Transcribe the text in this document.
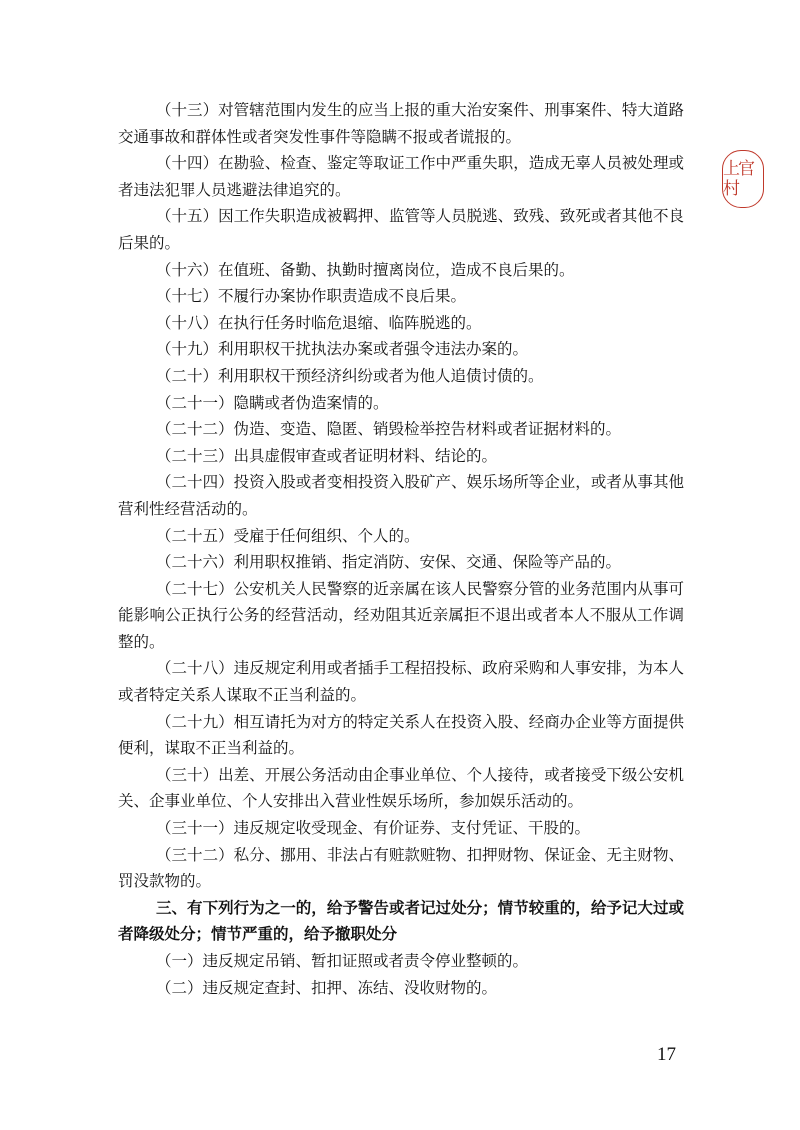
上官村

（十三）对管辖范围内发生的应当上报的重大治安案件、刑事案件、特大道路交通事故和群体性或者突发性事件等隐瞒不报或者谎报的。

（十四）在勘验、检查、鉴定等取证工作中严重失职，造成无辜人员被处理或者违法犯罪人员逃避法律追究的。

（十五）因工作失职造成被羁押、监管等人员脱逃、致残、致死或者其他不良后果的。

（十六）在值班、备勤、执勤时擅离岗位，造成不良后果的。

（十七）不履行办案协作职责造成不良后果。

（十八）在执行任务时临危退缩、临阵脱逃的。

（十九）利用职权干扰执法办案或者强令违法办案的。

（二十）利用职权干预经济纠纷或者为他人追债讨债的。

（二十一）隐瞒或者伪造案情的。

（二十二）伪造、变造、隐匿、销毁检举控告材料或者证据材料的。

（二十三）出具虚假审查或者证明材料、结论的。

（二十四）投资入股或者变相投资入股矿产、娱乐场所等企业，或者从事其他营利性经营活动的。

（二十五）受雇于任何组织、个人的。

（二十六）利用职权推销、指定消防、安保、交通、保险等产品的。

（二十七）公安机关人民警察的近亲属在该人民警察分管的业务范围内从事可能影响公正执行公务的经营活动，经劝阻其近亲属拒不退出或者本人不服从工作调整的。

（二十八）违反规定利用或者插手工程招投标、政府采购和人事安排，为本人或者特定关系人谋取不正当利益的。

（二十九）相互请托为对方的特定关系人在投资入股、经商办企业等方面提供便利，谋取不正当利益的。

（三十）出差、开展公务活动由企事业单位、个人接待，或者接受下级公安机关、企事业单位、个人安排出入营业性娱乐场所，参加娱乐活动的。

（三十一）违反规定收受现金、有价证券、支付凭证、干股的。

（三十二）私分、挪用、非法占有赃款赃物、扣押财物、保证金、无主财物、罚没款物的。

三、有下列行为之一的，给予警告或者记过处分；情节较重的，给予记大过或者降级处分；情节严重的，给予撤职处分

（一）违反规定吊销、暂扣证照或者责令停业整顿的。

（二）违反规定查封、扣押、冻结、没收财物的。

17
